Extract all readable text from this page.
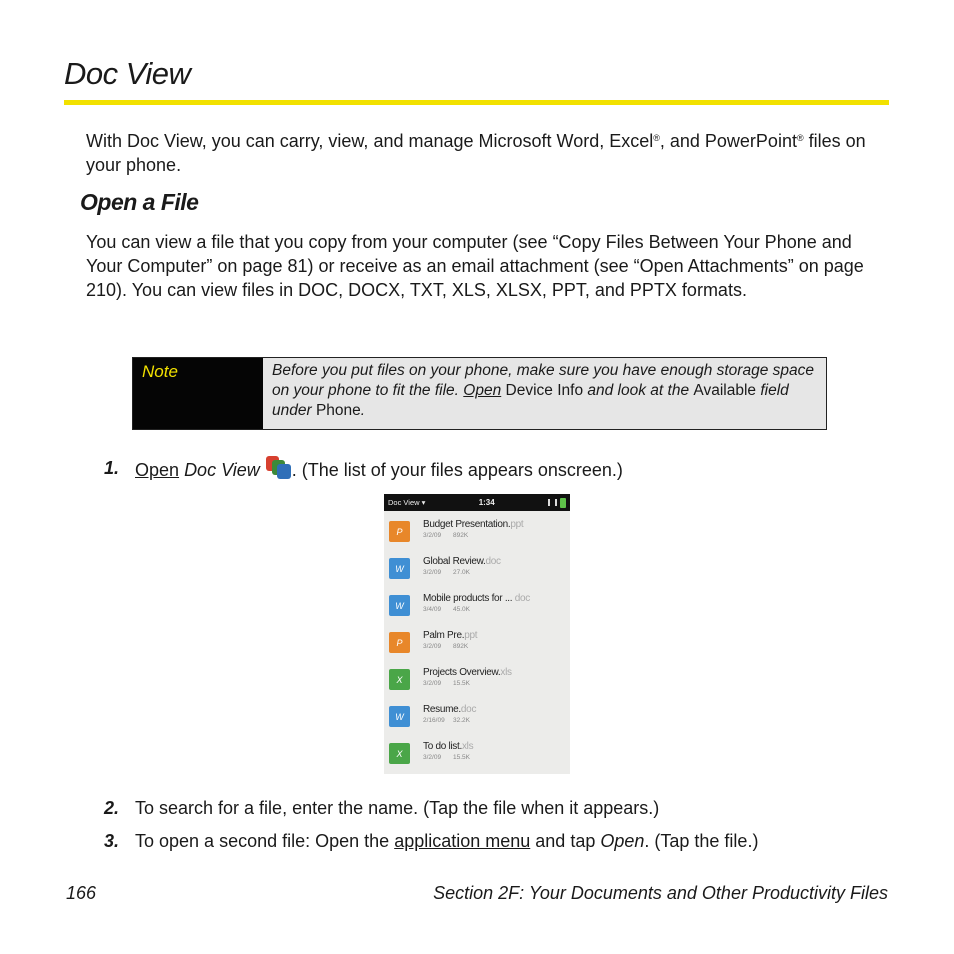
Doc View

With Doc View, you can carry, view, and manage Microsoft Word, Excel®, and PowerPoint® files on your phone.

Open a File

You can view a file that you copy from your computer (see “Copy Files Between Your Phone and Your Computer” on page 81) or receive as an email attachment (see “Open Attachments” on page 210). You can view files in DOC, DOCX, TXT, XLS, XLSX, PPT, and PPTX formats.

Note	Before you put files on your phone, make sure you have enough storage space on your phone to fit the file. Open Device Info and look at the Available field under Phone.
1. Open Doc View . (The list of your files appears onscreen.)
Doc View ▾	1:34
P
Budget Presentation.ppt
3/2/09	892K
W
Global Review.doc
3/2/09	27.0K
W
Mobile products for ... doc
3/4/09	45.0K
P
Palm Pre.ppt
3/2/09	892K
X
Projects Overview.xls
3/2/09	15.5K
W
Resume.doc
2/16/09	32.2K
X
To do list.xls
3/2/09	15.5K
2. To search for a file, enter the name. (Tap the file when it appears.)
3. To open a second file: Open the application menu and tap Open. (Tap the file.)
166	Section 2F: Your Documents and Other Productivity Files
